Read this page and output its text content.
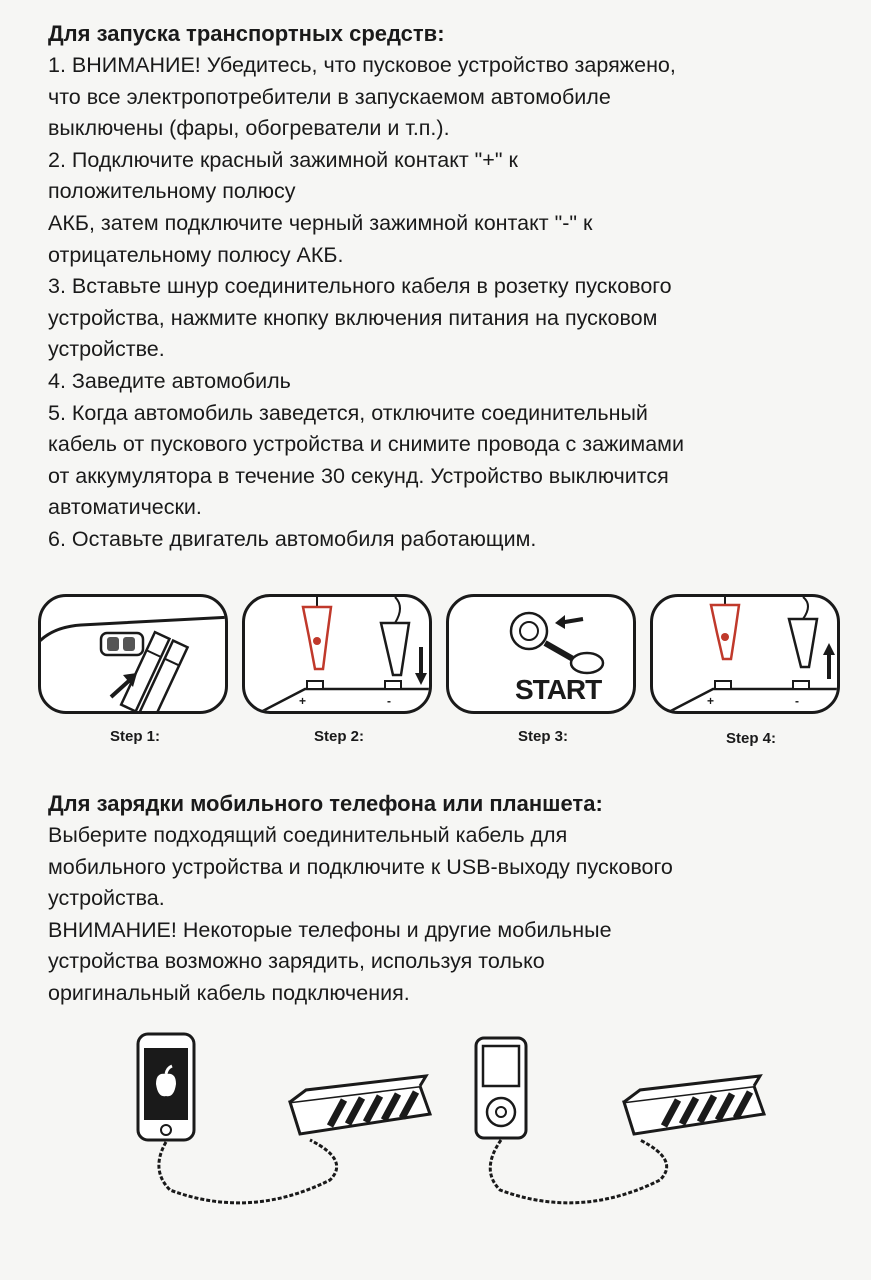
Для запуска транспортных средств:

1. ВНИМАНИЕ! Убедитесь, что пусковое устройство заряжено,

что все электропотребители в запускаемом автомобиле

выключены (фары, обогреватели и т.п.).

2. Подключите красный зажимной контакт "+" к

положительному полюсу

АКБ, затем подключите черный зажимной контакт "-" к

отрицательному полюсу АКБ.

3. Вставьте шнур соединительного кабеля в розетку пускового

устройства, нажмите кнопку включения питания на пусковом

устройстве.

4. Заведите автомобиль

5. Когда автомобиль заведется, отключите соединительный

кабель от пускового устройства и снимите провода с зажимами

от аккумулятора в течение 30 секунд. Устройство выключится

автоматически.

6. Оставьте двигатель автомобиля работающим.

Step 1:
+	-
Step 2:
START
Step 3:
+	-
Step 4:

Для зарядки мобильного телефона или планшета:

Выберите подходящий соединительный кабель для

мобильного устройства и подключите к USB-выходу пускового

устройства.

ВНИМАНИЕ! Некоторые телефоны и другие мобильные

устройства возможно зарядить, используя только

оригинальный кабель подключения.
